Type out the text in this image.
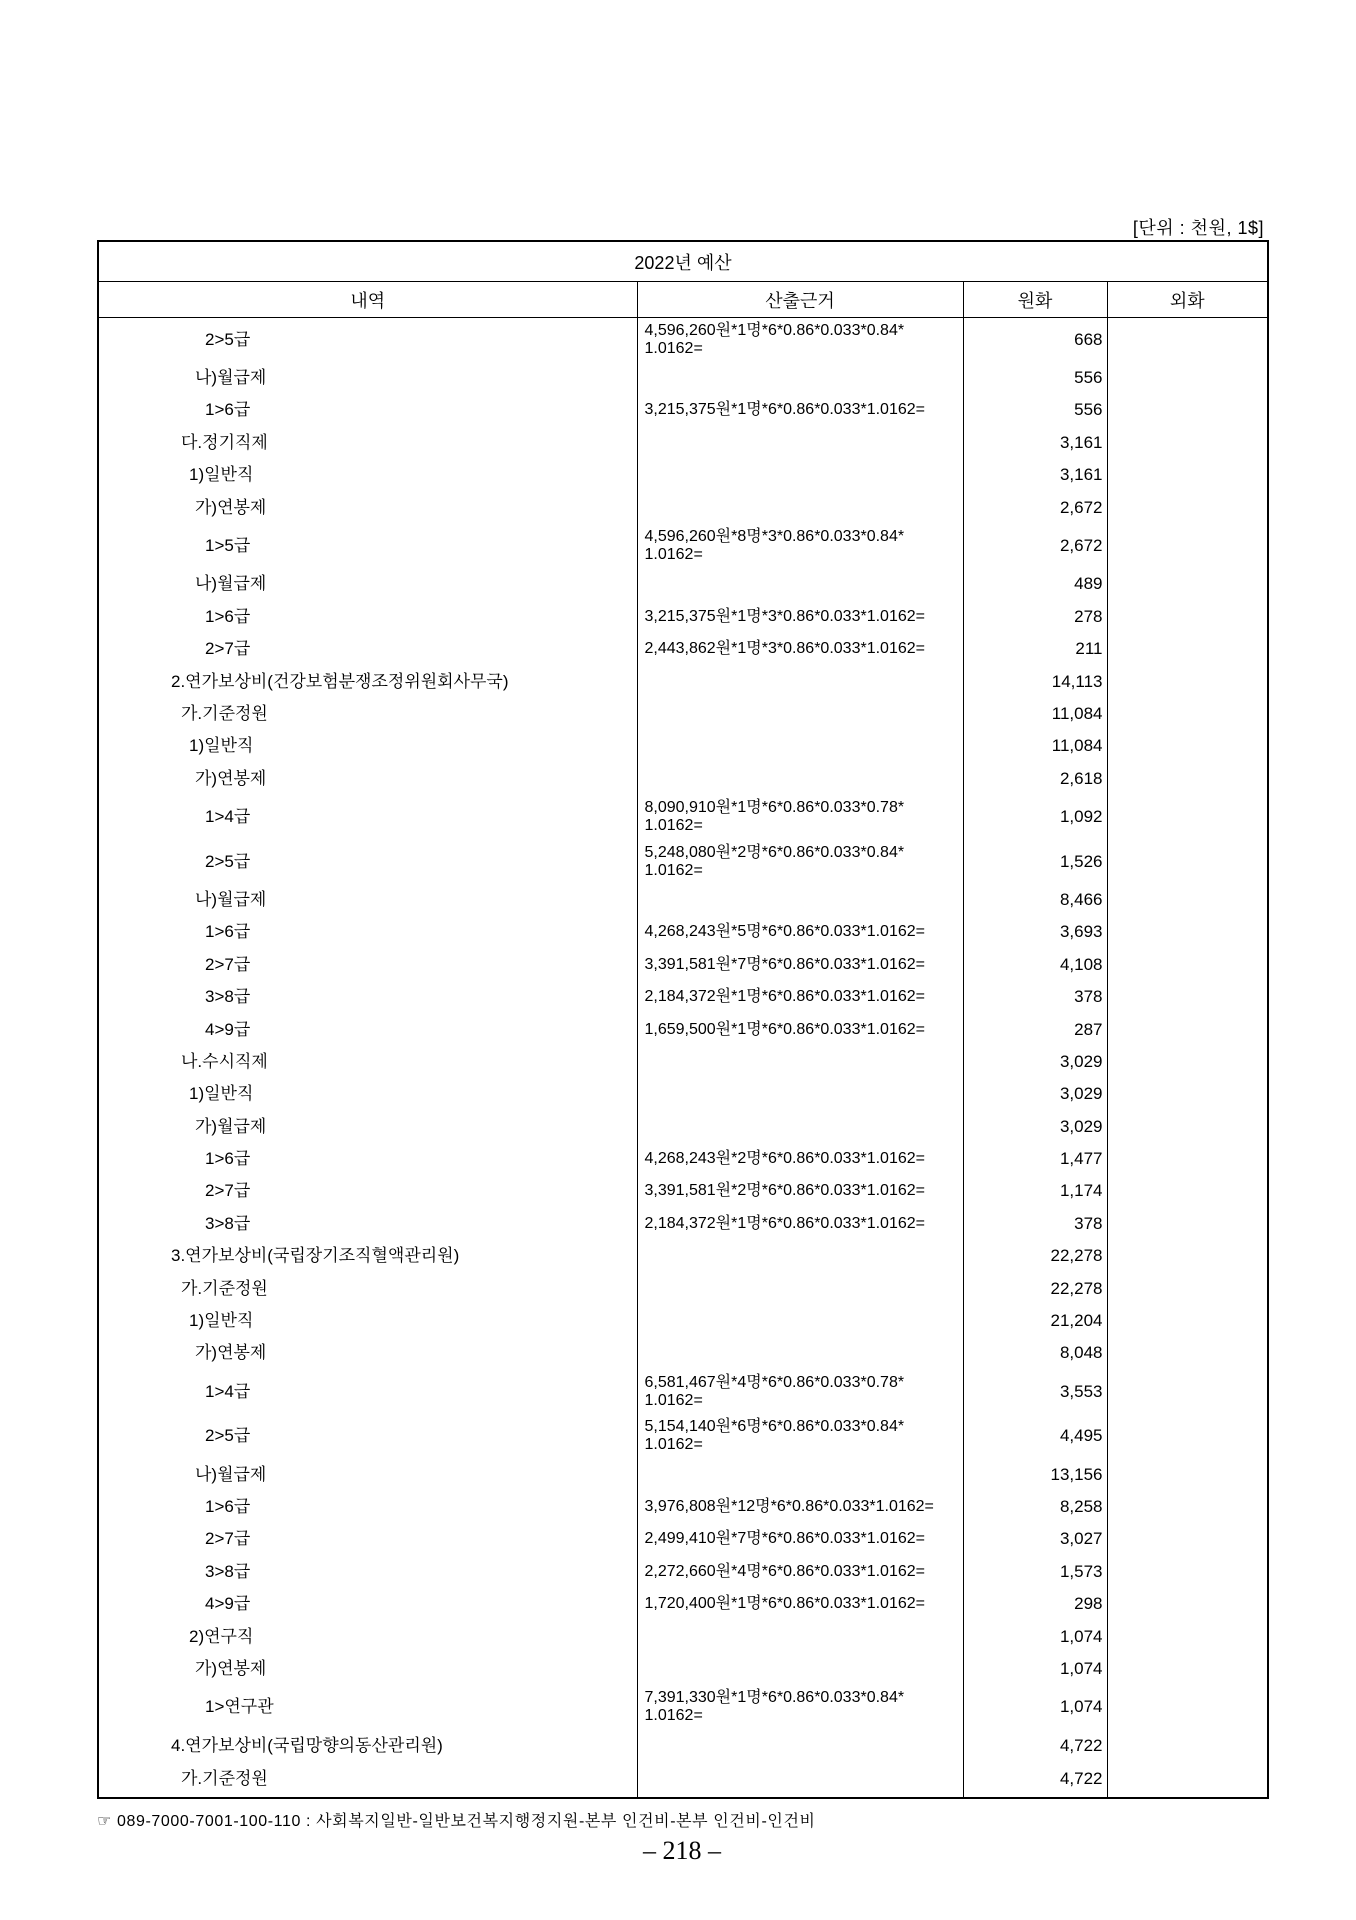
[단위 : 천원, 1$]
2022년 예산			
내역	산출근거	원화	외화
2>5급	4,596,260원*1명*6*0.86*0.033*0.84*
1.0162=	668	
나)월급제		556	
1>6급	3,215,375원*1명*6*0.86*0.033*1.0162=	556	
다.정기직제		3,161	
1)일반직		3,161	
가)연봉제		2,672	
1>5급	4,596,260원*8명*3*0.86*0.033*0.84*
1.0162=	2,672	
나)월급제		489	
1>6급	3,215,375원*1명*3*0.86*0.033*1.0162=	278	
2>7급	2,443,862원*1명*3*0.86*0.033*1.0162=	211	
2.연가보상비(건강보험분쟁조정위원회사무국)		14,113	
가.기준정원		11,084	
1)일반직		11,084	
가)연봉제		2,618	
1>4급	8,090,910원*1명*6*0.86*0.033*0.78*
1.0162=	1,092	
2>5급	5,248,080원*2명*6*0.86*0.033*0.84*
1.0162=	1,526	
나)월급제		8,466	
1>6급	4,268,243원*5명*6*0.86*0.033*1.0162=	3,693	
2>7급	3,391,581원*7명*6*0.86*0.033*1.0162=	4,108	
3>8급	2,184,372원*1명*6*0.86*0.033*1.0162=	378	
4>9급	1,659,500원*1명*6*0.86*0.033*1.0162=	287	
나.수시직제		3,029	
1)일반직		3,029	
가)월급제		3,029	
1>6급	4,268,243원*2명*6*0.86*0.033*1.0162=	1,477	
2>7급	3,391,581원*2명*6*0.86*0.033*1.0162=	1,174	
3>8급	2,184,372원*1명*6*0.86*0.033*1.0162=	378	
3.연가보상비(국립장기조직혈액관리원)		22,278	
가.기준정원		22,278	
1)일반직		21,204	
가)연봉제		8,048	
1>4급	6,581,467원*4명*6*0.86*0.033*0.78*
1.0162=	3,553	
2>5급	5,154,140원*6명*6*0.86*0.033*0.84*
1.0162=	4,495	
나)월급제		13,156	
1>6급	3,976,808원*12명*6*0.86*0.033*1.0162=	8,258	
2>7급	2,499,410원*7명*6*0.86*0.033*1.0162=	3,027	
3>8급	2,272,660원*4명*6*0.86*0.033*1.0162=	1,573	
4>9급	1,720,400원*1명*6*0.86*0.033*1.0162=	298	
2)연구직		1,074	
가)연봉제		1,074	
1>연구관	7,391,330원*1명*6*0.86*0.033*0.84*
1.0162=	1,074	
4.연가보상비(국립망향의동산관리원)		4,722	
가.기준정원		4,722	
☞ 089-7000-7001-100-110 : 사회복지일반-일반보건복지행정지원-본부 인건비-본부 인건비-인건비
– 218 –
